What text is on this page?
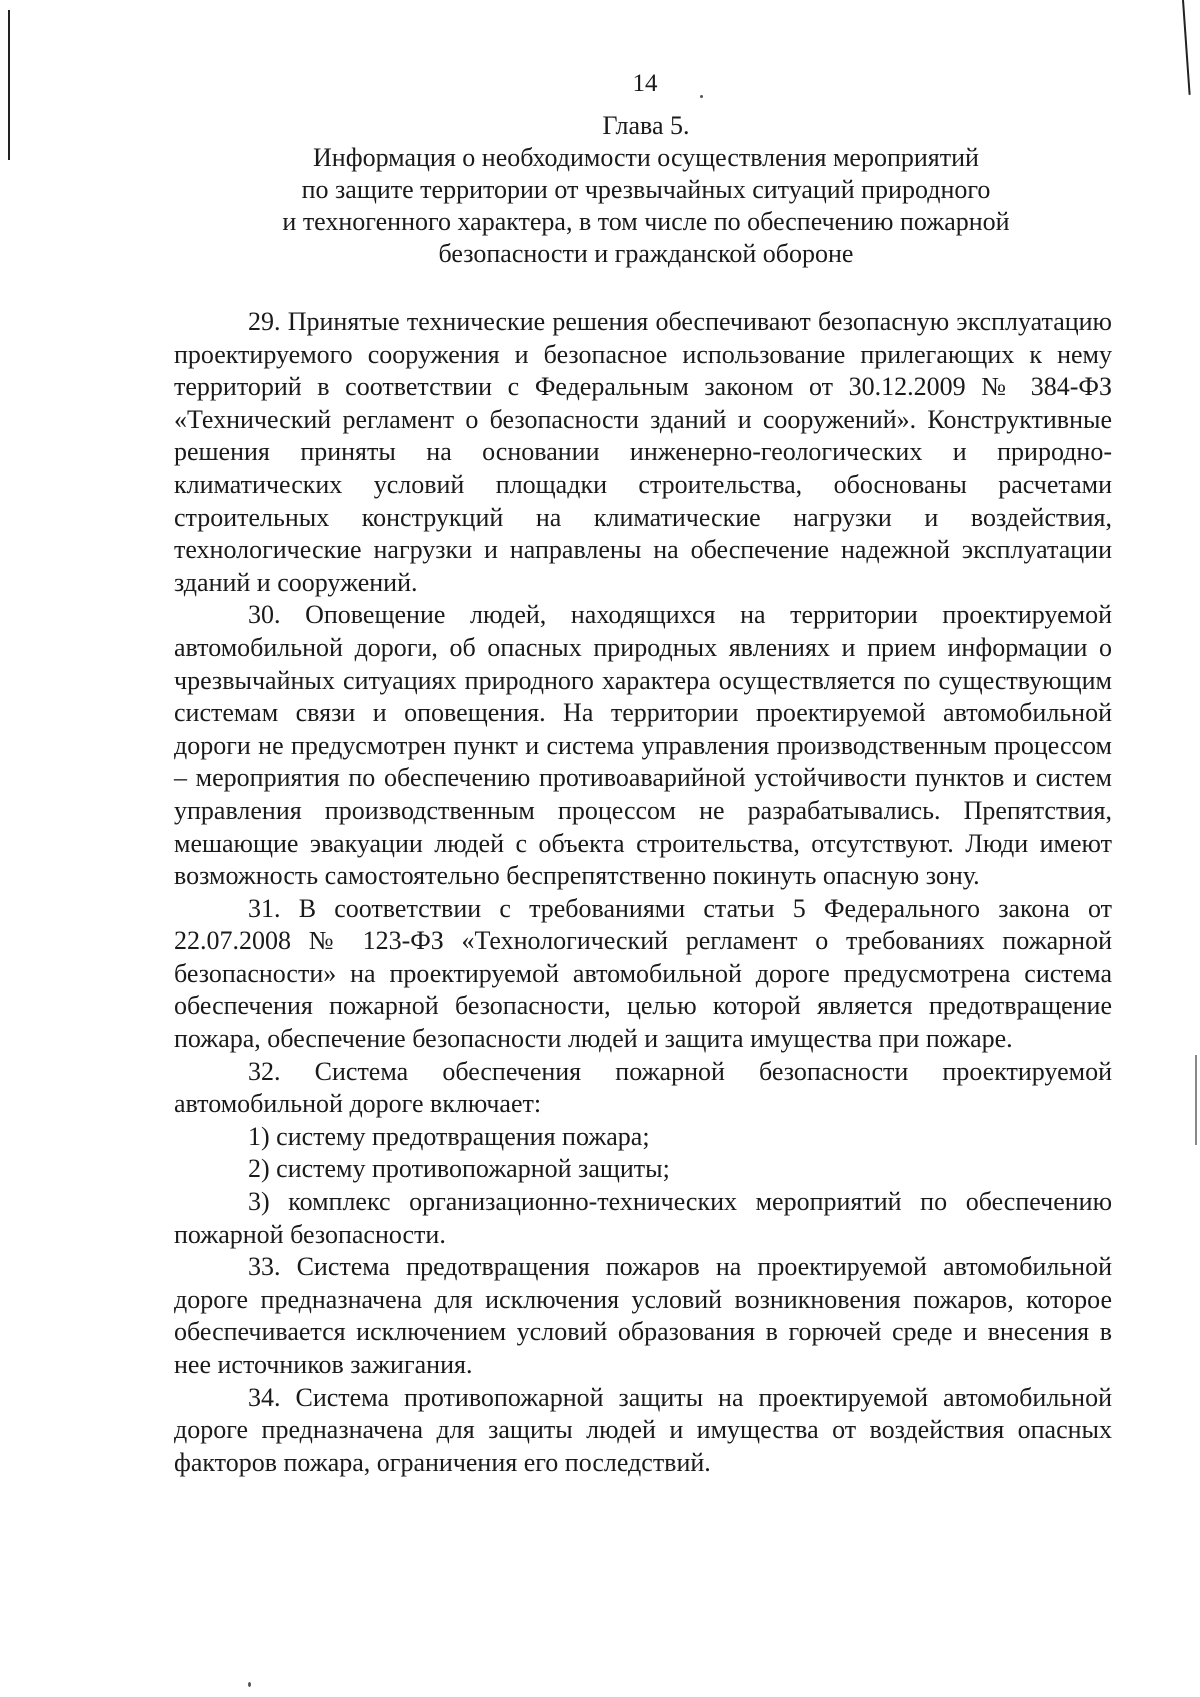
14
Глава 5.
Информация о необходимости осуществления мероприятий
по защите территории от чрезвычайных ситуаций природного
и техногенного характера, в том числе по обеспечению пожарной
безопасности и гражданской обороне

29. Принятые технические решения обеспечивают безопасную эксплуатацию проектируемого сооружения и безопасное использование прилегающих к нему территорий в соответствии с Федеральным законом от 30.12.2009 № 384-ФЗ «Технический регламент о безопасности зданий и сооружений». Конструктивные решения приняты на основании инженерно-геологических и природно-климатических условий площадки строительства, обоснованы расчетами строительных конструкций на климатические нагрузки и воздействия, технологические нагрузки и направлены на обеспечение надежной эксплуатации зданий и сооружений.

30. Оповещение людей, находящихся на территории проектируемой автомобильной дороги, об опасных природных явлениях и прием информации о чрезвычайных ситуациях природного характера осуществляется по существующим системам связи и оповещения. На территории проектируемой автомобильной дороги не предусмотрен пункт и система управления производственным процессом – мероприятия по обеспечению противоаварийной устойчивости пунктов и систем управления производственным процессом не разрабатывались. Препятствия, мешающие эвакуации людей с объекта строительства, отсутствуют. Люди имеют возможность самостоятельно беспрепятственно покинуть опасную зону.

31. В соответствии с требованиями статьи 5 Федерального закона от 22.07.2008 № 123-ФЗ «Технологический регламент о требованиях пожарной безопасности» на проектируемой автомобильной дороге предусмотрена система обеспечения пожарной безопасности, целью которой является предотвращение пожара, обеспечение безопасности людей и защита имущества при пожаре.

32. Система обеспечения пожарной безопасности проектируемой автомобильной дороге включает:

1) систему предотвращения пожара;

2) систему противопожарной защиты;

3) комплекс организационно-технических мероприятий по обеспечению пожарной безопасности.

33. Система предотвращения пожаров на проектируемой автомобильной дороге предназначена для исключения условий возникновения пожаров, которое обеспечивается исключением условий образования в горючей среде и внесения в нее источников зажигания.

34. Система противопожарной защиты на проектируемой автомобильной дороге предназначена для защиты людей и имущества от воздействия опасных факторов пожара, ограничения его последствий.
